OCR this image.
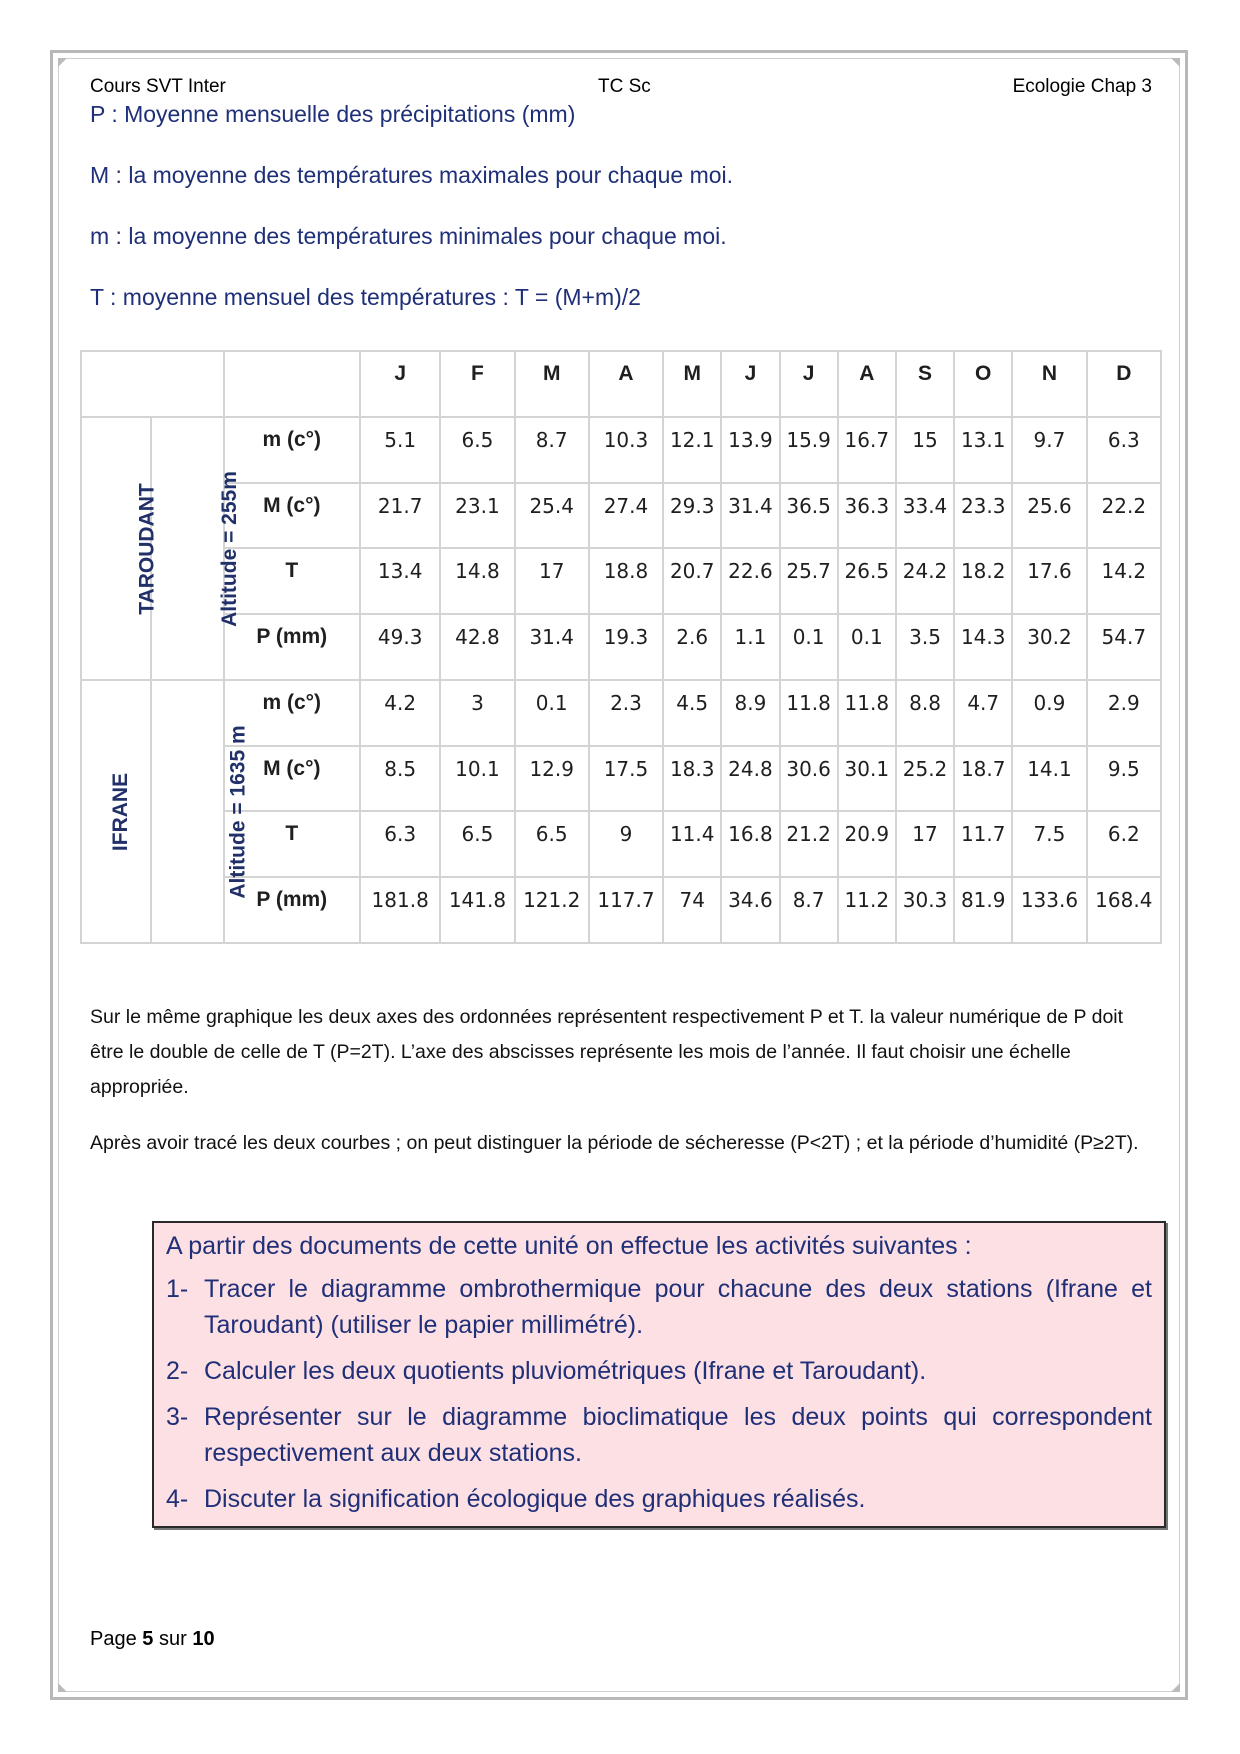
Cours SVT Inter	TC Sc	Ecologie Chap 3

P : Moyenne mensuelle des précipitations (mm)

M : la moyenne des températures maximales pour chaque moi.

m : la moyenne des températures minimales pour chaque moi.

T : moyenne mensuel des températures : T = (M+m)/2

			J	F	M	A	M	J	J	A	S	O	N	D
TAROUDANT	Altitude = 255m	m (c°)	5.1	6.5	8.7	10.3	12.1	13.9	15.9	16.7	15	13.1	9.7	6.3
		M (c°)	21.7	23.1	25.4	27.4	29.3	31.4	36.5	36.3	33.4	23.3	25.6	22.2
		T	13.4	14.8	17	18.8	20.7	22.6	25.7	26.5	24.2	18.2	17.6	14.2
		P (mm)	49.3	42.8	31.4	19.3	2.6	1.1	0.1	0.1	3.5	14.3	30.2	54.7
IFRANE	Altitude = 1635 m	m (c°)	4.2	3	0.1	2.3	4.5	8.9	11.8	11.8	8.8	4.7	0.9	2.9
		M (c°)	8.5	10.1	12.9	17.5	18.3	24.8	30.6	30.1	25.2	18.7	14.1	9.5
		T	6.3	6.5	6.5	9	11.4	16.8	21.2	20.9	17	11.7	7.5	6.2
		P (mm)	181.8	141.8	121.2	117.7	74	34.6	8.7	11.2	30.3	81.9	133.6	168.4

Sur le même graphique les deux axes des ordonnées représentent respectivement P et T. la valeur numérique de P doit être le double de celle de T (P=2T). L’axe des abscisses représente les mois de l’année. Il faut choisir une échelle appropriée.

Après avoir tracé les deux courbes ; on peut distinguer la période de sécheresse (P<2T) ; et la période d’humidité (P≥2T).

A partir des documents de cette unité on effectue les activités suivantes :

1- Tracer le diagramme ombrothermique pour chacune des deux stations (Ifrane et Taroudant) (utiliser le papier millimétré).
2- Calculer les deux quotients pluviométriques (Ifrane et Taroudant).
3- Représenter sur le diagramme bioclimatique les deux points qui correspondent respectivement aux deux stations.
4- Discuter la signification écologique des graphiques réalisés.
Page 5 sur 10
